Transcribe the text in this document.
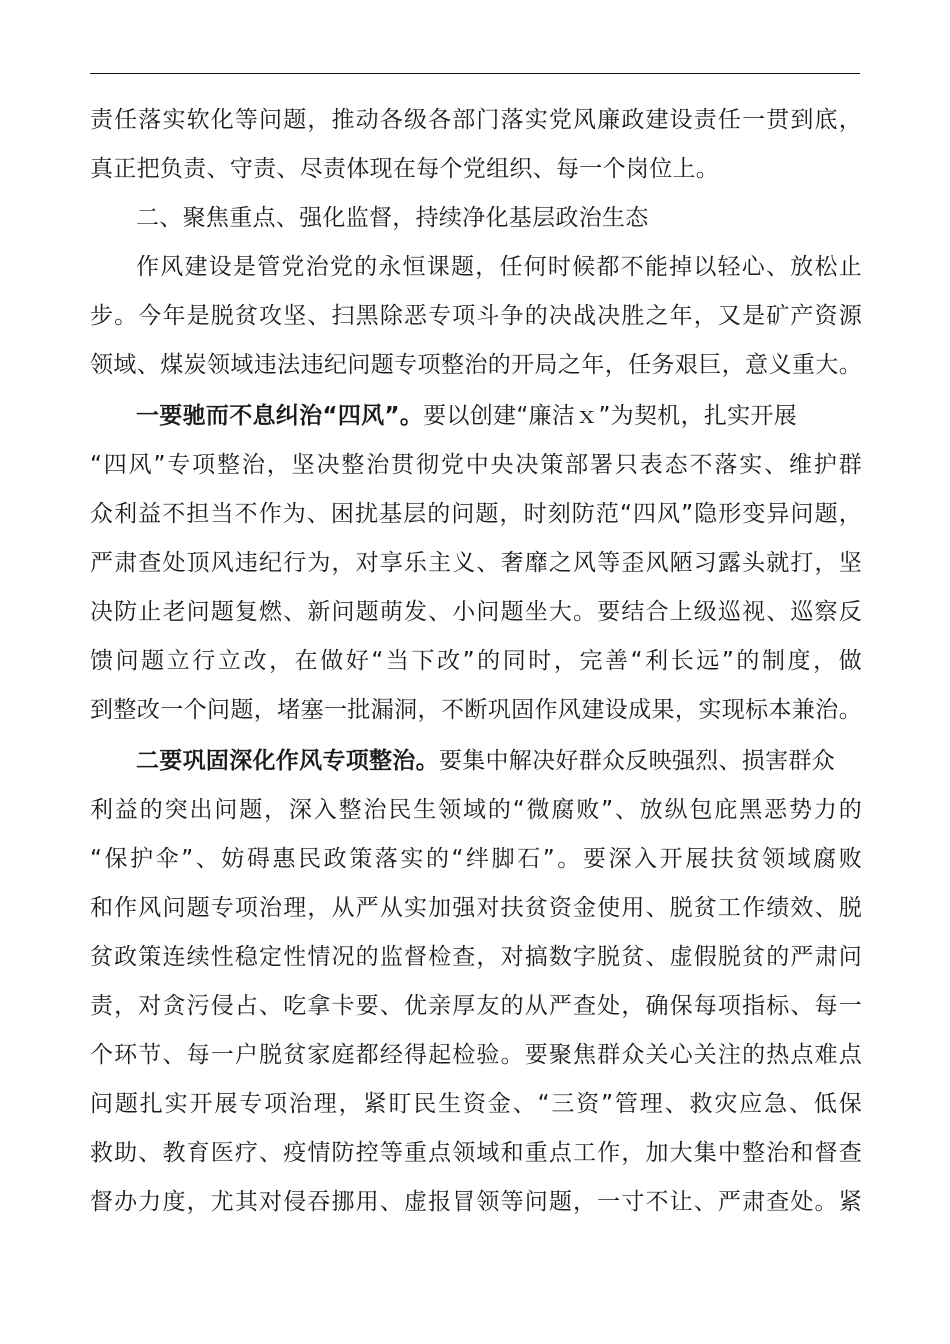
责任落实软化等问题，推动各级各部门落实党风廉政建设责任一贯到底，
真正把负责、守责、尽责体现在每个党组织、每一个岗位上。
二、聚焦重点、强化监督，持续净化基层政治生态
作风建设是管党治党的永恒课题，任何时候都不能掉以轻心、放松止
步。今年是脱贫攻坚、扫黑除恶专项斗争的决战决胜之年，又是矿产资源
领域、煤炭领域违法违纪问题专项整治的开局之年，任务艰巨，意义重大。
一要驰而不息纠治“四风”。要以创建“廉洁ｘ”为契机，扎实开展
“四风”专项整治，坚决整治贯彻党中央决策部署只表态不落实、维护群
众利益不担当不作为、困扰基层的问题，时刻防范“四风”隐形变异问题，
严肃查处顶风违纪行为，对享乐主义、奢靡之风等歪风陋习露头就打，坚
决防止老问题复燃、新问题萌发、小问题坐大。要结合上级巡视、巡察反
馈问题立行立改，在做好“当下改”的同时，完善“利长远”的制度，做
到整改一个问题，堵塞一批漏洞，不断巩固作风建设成果，实现标本兼治。
二要巩固深化作风专项整治。要集中解决好群众反映强烈、损害群众
利益的突出问题，深入整治民生领域的“微腐败”、放纵包庇黑恶势力的
“保护伞”、妨碍惠民政策落实的“绊脚石”。要深入开展扶贫领域腐败
和作风问题专项治理，从严从实加强对扶贫资金使用、脱贫工作绩效、脱
贫政策连续性稳定性情况的监督检查，对搞数字脱贫、虚假脱贫的严肃问
责，对贪污侵占、吃拿卡要、优亲厚友的从严查处，确保每项指标、每一
个环节、每一户脱贫家庭都经得起检验。要聚焦群众关心关注的热点难点
问题扎实开展专项治理，紧盯民生资金、“三资”管理、救灾应急、低保
救助、教育医疗、疫情防控等重点领域和重点工作，加大集中整治和督查
督办力度，尤其对侵吞挪用、虚报冒领等问题，一寸不让、严肃查处。紧
